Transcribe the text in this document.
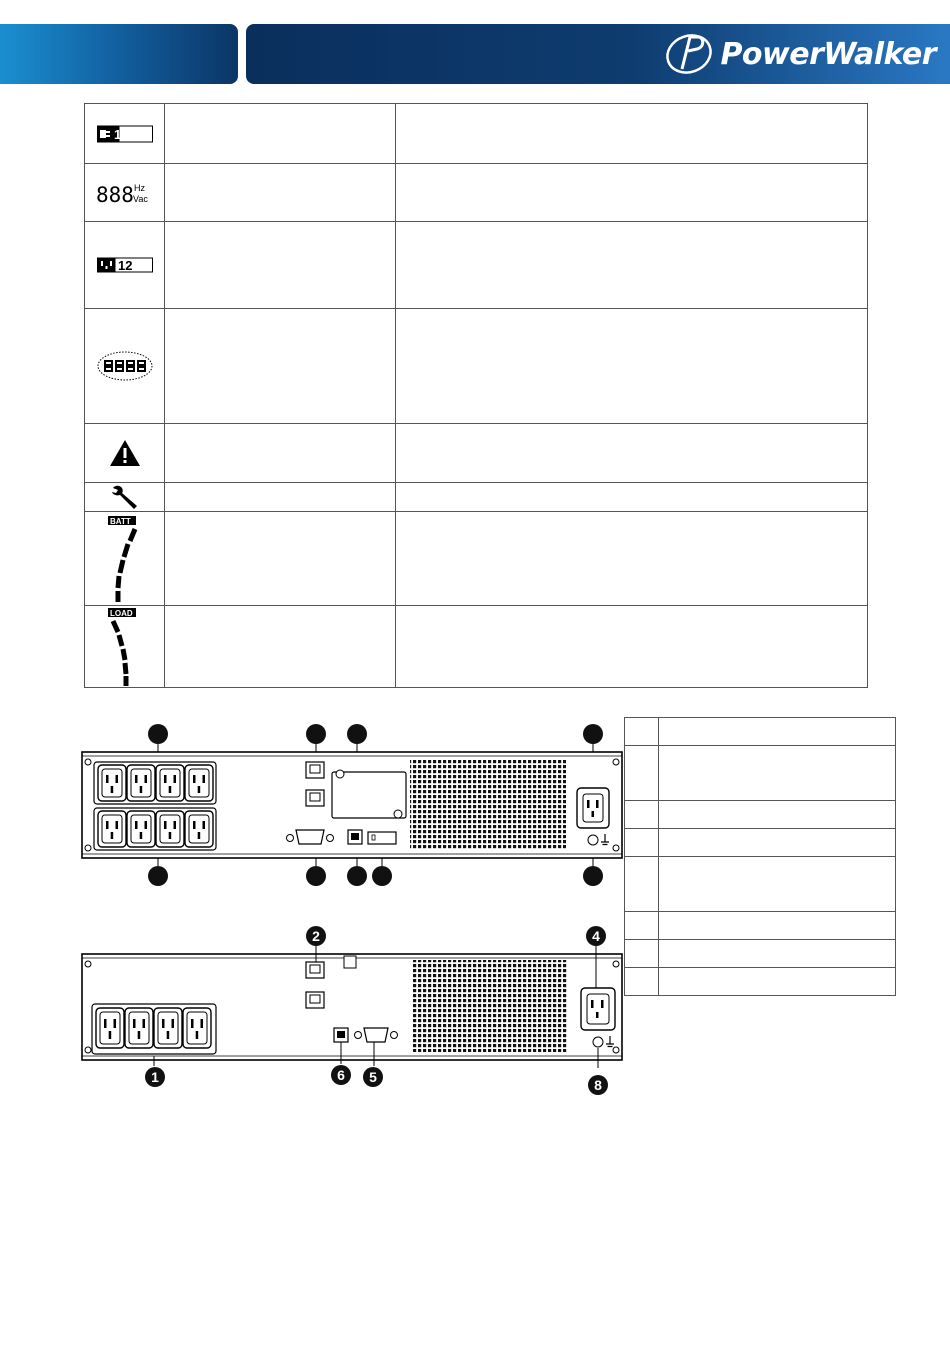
PowerWalker
1		

888 Hz
Vac		

12		

BATT		

LOAD		

2	4
1	6	5	8
